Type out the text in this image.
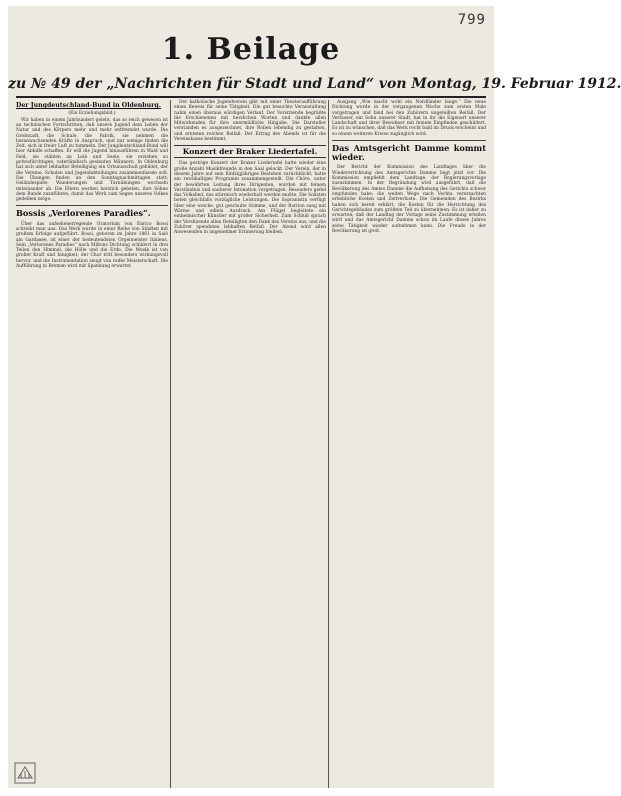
799
1. Beilage
zu № 49 der „Nachrichten für Stadt und Land“ von Montag, 19. Februar 1912.
Der Jungdeutschland-Bund in Oldenburg.

(Ein Erziehungsbild.)

Wir haben in einem Jahrhundert gelebt, das so reich gewesen ist an technischen Fortschritten, daß unsere Jugend dem Leben der Natur und des Körpers mehr und mehr entfremdet wurde. Die Großstadt, die Schule, die Fabrik, sie nehmen die heranwachsenden Kräfte in Anspruch, und nur wenige finden die Zeit, sich in freier Luft zu tummeln. Der Jungdeutschland-Bund will hier Abhilfe schaffen. Er will die Jugend hinausführen in Wald und Feld, sie stählen an Leib und Seele, sie erziehen zu gottesfürchtigen, vaterländisch gesinnten Männern. In Oldenburg hat sich unter lebhafter Beteiligung ein Ortsausschuß gebildet, der die Vereine, Schulen und Jugendabteilungen zusammenfassen soll. Die Übungen finden an den Sonntagnachmittagen statt; Geländespiele, Wanderungen und Turnübungen wechseln miteinander ab. Die Eltern werden herzlich gebeten, ihre Söhne dem Bunde zuzuführen, damit das Werk zum Segen unseres Volkes gedeihen möge.

Bossis „Verlorenes Paradies“.

Über das aufsehenerregende Oratorium von Enrico Bossi schreibt man uns: Das Werk wurde in einer Reihe von Städten mit großem Erfolge aufgeführt. Bossi, geboren im Jahre 1861 in Salò am Gardasee, ist einer der bedeutendsten Orgelmeister Italiens. Sein „Verlorenes Paradies“ nach Miltons Dichtung schildert in drei Teilen den Himmel, die Hölle und die Erde. Die Musik ist von großer Kraft und Innigkeit; der Chor tritt besonders wirkungsvoll hervor, und die Instrumentation zeugt von reifer Meisterschaft. Die Aufführung in Bremen wird mit Spannung erwartet.

Der katholische Jugendverein gibt mit einer Theateraufführung einen Beweis für seine Tätigkeit. Die gut besuchte Veranstaltung nahm einen überaus würdigen Verlauf. Der Vorsitzende begrüßte die Erschienenen mit herzlichen Worten und dankte allen Mitwirkenden für ihre unermüdliche Hingabe. Die Darsteller verstanden es ausgezeichnet, ihre Rollen lebendig zu gestalten, und ernteten reichen Beifall. Der Ertrag des Abends ist für die Vereinskasse bestimmt.

Konzert der Braker Liedertafel.

Das gestrige Konzert der Braker Liedertafel hatte wieder eine große Anzahl Musikfreunde in den Saal gelockt. Der Verein, der in diesem Jahre auf sein fünfzigjähriges Bestehen zurückblickt, hatte ein reichhaltiges Programm zusammengestellt. Die Chöre, unter der bewährten Leitung ihres Dirigenten, wurden mit feinem Verständnis und sauberer Intonation vorgetragen. Besonders gefiel das Volkslied, das stürmisch wiederholt werden mußte. Die Solisten boten gleichfalls vorzügliche Leistungen. Die Sopranistin verfügt über eine weiche, gut geschulte Stimme, und der Bariton sang mit Wärme und edlem Ausdruck. Am Flügel begleitete ein einheimischer Künstler mit großer Sicherheit. Zum Schluß sprach der Vorsitzende allen Beteiligten den Dank des Vereins aus, und die Zuhörer spendeten lebhaften Beifall. Der Abend wird allen Anwesenden in angenehmer Erinnerung bleiben.

Ausgang „Wie macht wohl ein Nordländer lange.“ Die neue Dichtung wurde in der vergangenen Woche zum ersten Male vorgetragen und fand bei den Zuhörern ungeteilten Beifall. Der Verfasser, ein Sohn unserer Stadt, hat in ihr die Eigenart unserer Landschaft und ihrer Bewohner mit feinem Empfinden geschildert. Es ist zu wünschen, daß das Werk recht bald im Druck erscheint und so einem weiteren Kreise zugänglich wird.

Das Amtsgericht Damme kommt wieder.

Der Bericht der Kommission des Landtages über die Wiedererrichtung des Amtsgerichts Damme liegt jetzt vor. Die Kommission empfiehlt dem Landtage, der Regierungsvorlage zuzustimmen. In der Begründung wird ausgeführt, daß die Bevölkerung des Amtes Damme die Aufhebung des Gerichts schwer empfunden habe; die weiten Wege nach Vechta verursachten erhebliche Kosten und Zeitverluste. Die Gemeinden des Bezirks haben sich bereit erklärt, die Kosten für die Herrichtung des Gerichtsgebäudes zum größten Teil zu übernehmen. Es ist daher zu erwarten, daß der Landtag der Vorlage seine Zustimmung erteilen wird und das Amtsgericht Damme schon im Laufe dieses Jahres seine Tätigkeit wieder aufnehmen kann. Die Freude in der Bevölkerung ist groß.
